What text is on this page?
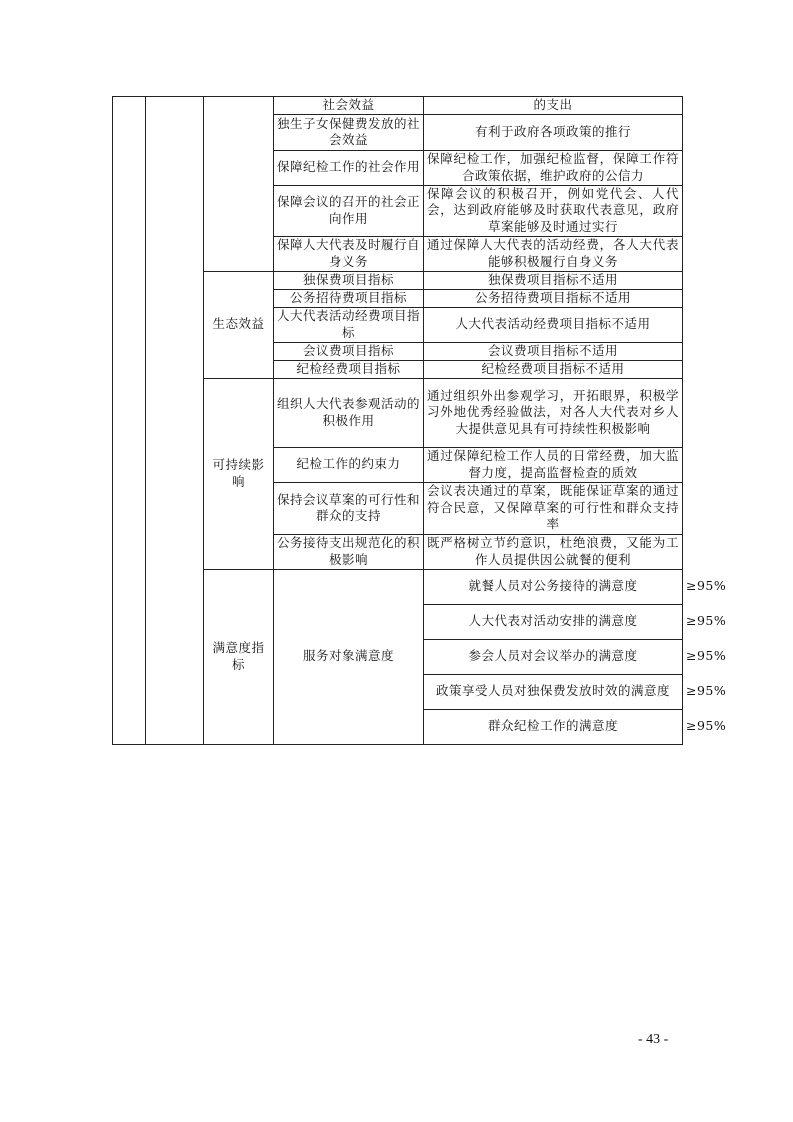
			社会效益	的支出	
			独生子女保健费发放的社会效益	有利于政府各项政策的推行	
			保障纪检工作的社会作用	保障纪检工作，加强纪检监督，保障工作符合政策依据，维护政府的公信力	
			保障会议的召开的社会正向作用	保障会议的积极召开，例如党代会、人代会，达到政府能够及时获取代表意见，政府草案能够及时通过实行	
			保障人大代表及时履行自身义务	通过保障人大代表的活动经费，各人大代表能够积极履行自身义务	
		生态效益	独保费项目指标	独保费项目指标不适用	
			公务招待费项目指标	公务招待费项目指标不适用	
			人大代表活动经费项目指标	人大代表活动经费项目指标不适用	
			会议费项目指标	会议费项目指标不适用	
			纪检经费项目指标	纪检经费项目指标不适用	
		可持续影响	组织人大代表参观活动的积极作用	通过组织外出参观学习，开拓眼界，积极学习外地优秀经验做法，对各人大代表对乡人大提供意见具有可持续性积极影响	
			纪检工作的约束力	通过保障纪检工作人员的日常经费，加大监督力度，提高监督检查的质效	
			保持会议草案的可行性和群众的支持	会议表决通过的草案，既能保证草案的通过符合民意，又保障草案的可行性和群众支持率	
			公务接待支出规范化的积极影响	既严格树立节约意识，杜绝浪费，又能为工作人员提供因公就餐的便利	
		满意度指标	服务对象满意度	就餐人员对公务接待的满意度	≥95%
				人大代表对活动安排的满意度	≥95%
				参会人员对会议举办的满意度	≥95%
				政策享受人员对独保费发放时效的满意度	≥95%
				群众纪检工作的满意度	≥95%
- 43 -
